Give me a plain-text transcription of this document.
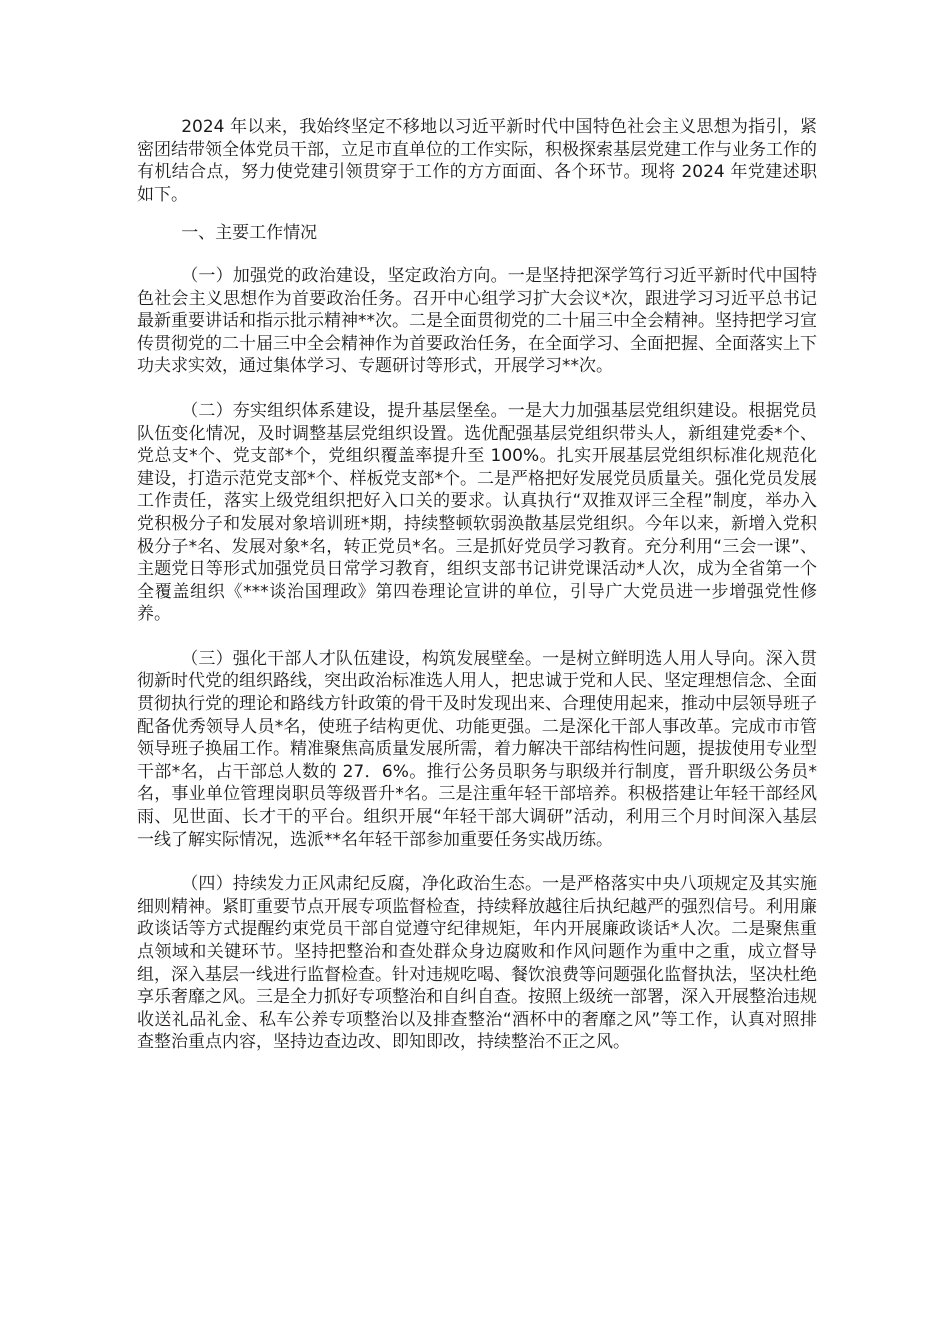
2024 年以来，我始终坚定不移地以习近平新时代中国特色社会主义思想为指引，紧密团结带领全体党员干部，立足市直单位的工作实际，积极探索基层党建工作与业务工作的有机结合点，努力使党建引领贯穿于工作的方方面面、各个环节。现将 2024 年党建述职如下。

一、主要工作情况

（一）加强党的政治建设，坚定政治方向。一是坚持把深学笃行习近平新时代中国特色社会主义思想作为首要政治任务。召开中心组学习扩大会议*次，跟进学习习近平总书记最新重要讲话和指示批示精神**次。二是全面贯彻党的二十届三中全会精神。坚持把学习宣传贯彻党的二十届三中全会精神作为首要政治任务，在全面学习、全面把握、全面落实上下功夫求实效，通过集体学习、专题研讨等形式，开展学习**次。

（二）夯实组织体系建设，提升基层堡垒。一是大力加强基层党组织建设。根据党员队伍变化情况，及时调整基层党组织设置。选优配强基层党组织带头人，新组建党委*个、党总支*个、党支部*个，党组织覆盖率提升至 100%。扎实开展基层党组织标准化规范化建设，打造示范党支部*个、样板党支部*个。二是严格把好发展党员质量关。强化党员发展工作责任，落实上级党组织把好入口关的要求。认真执行“双推双评三全程”制度，举办入党积极分子和发展对象培训班*期，持续整顿软弱涣散基层党组织。今年以来，新增入党积极分子*名、发展对象*名，转正党员*名。三是抓好党员学习教育。充分利用“三会一课”、主题党日等形式加强党员日常学习教育，组织支部书记讲党课活动*人次，成为全省第一个全覆盖组织《***谈治国理政》第四卷理论宣讲的单位，引导广大党员进一步增强党性修养。

（三）强化干部人才队伍建设，构筑发展壁垒。一是树立鲜明选人用人导向。深入贯彻新时代党的组织路线，突出政治标准选人用人，把忠诚于党和人民、坚定理想信念、全面贯彻执行党的理论和路线方针政策的骨干及时发现出来、合理使用起来，推动中层领导班子配备优秀领导人员*名，使班子结构更优、功能更强。二是深化干部人事改革。完成市市管领导班子换届工作。精准聚焦高质量发展所需，着力解决干部结构性问题，提拔使用专业型干部*名，占干部总人数的 27．6%。推行公务员职务与职级并行制度，晋升职级公务员*名，事业单位管理岗职员等级晋升*名。三是注重年轻干部培养。积极搭建让年轻干部经风雨、见世面、长才干的平台。组织开展“年轻干部大调研”活动，利用三个月时间深入基层一线了解实际情况，选派**名年轻干部参加重要任务实战历练。

（四）持续发力正风肃纪反腐，净化政治生态。一是严格落实中央八项规定及其实施细则精神。紧盯重要节点开展专项监督检查，持续释放越往后执纪越严的强烈信号。利用廉政谈话等方式提醒约束党员干部自觉遵守纪律规矩，年内开展廉政谈话*人次。二是聚焦重点领域和关键环节。坚持把整治和查处群众身边腐败和作风问题作为重中之重，成立督导组，深入基层一线进行监督检查。针对违规吃喝、餐饮浪费等问题强化监督执法，坚决杜绝享乐奢靡之风。三是全力抓好专项整治和自纠自查。按照上级统一部署，深入开展整治违规收送礼品礼金、私车公养专项整治以及排查整治“酒杯中的奢靡之风”等工作，认真对照排查整治重点内容，坚持边查边改、即知即改，持续整治不正之风。
